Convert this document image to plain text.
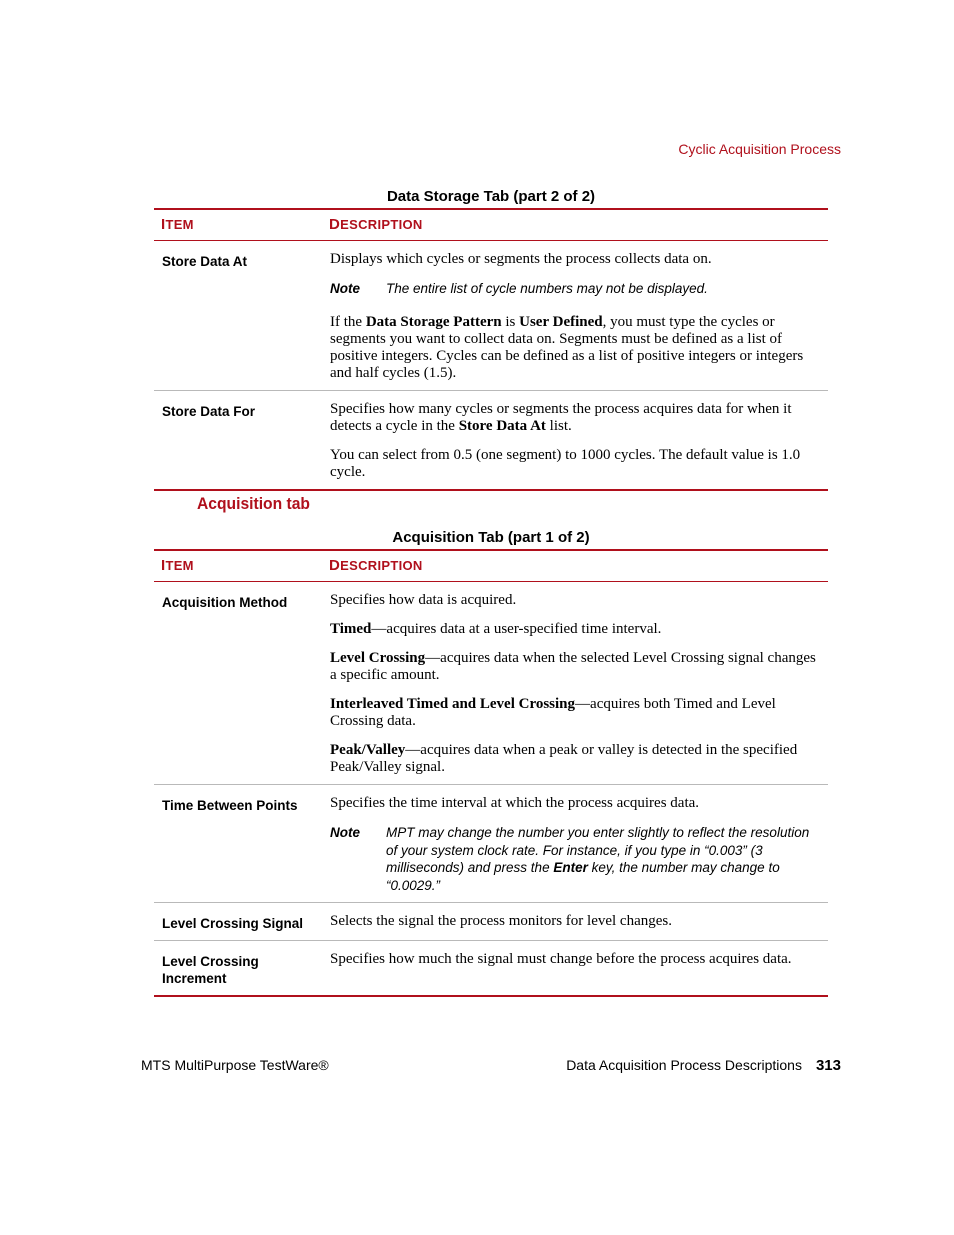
Cyclic Acquisition Process
Data Storage Tab (part 2 of 2)
ITEM	DESCRIPTION
Store Data At	Displays which cycles or segments the process collects data on.

Note The entire list of cycle numbers may not be displayed.

If the Data Storage Pattern is User Defined, you must type the cycles or segments you want to collect data on. Segments must be defined as a list of positive integers. Cycles can be defined as a list of positive integers or integers and half cycles (1.5).

Store Data For	Specifies how many cycles or segments the process acquires data for when it detects a cycle in the Store Data At list.

You can select from 0.5 (one segment) to 1000 cycles. The default value is 1.0 cycle.

Acquisition tab
Acquisition Tab (part 1 of 2)
ITEM	DESCRIPTION
Acquisition Method	Specifies how data is acquired.

Timed—acquires data at a user-specified time interval.

Level Crossing—acquires data when the selected Level Crossing signal changes a specific amount.

Interleaved Timed and Level Crossing—acquires both Timed and Level Crossing data.

Peak/Valley—acquires data when a peak or valley is detected in the specified Peak/Valley signal.

Time Between Points	Specifies the time interval at which the process acquires data.

Note MPT may change the number you enter slightly to reflect the resolution of your system clock rate. For instance, if you type in “0.003” (3 milliseconds) and press the Enter key, the number may change to “0.0029.”

Level Crossing Signal	Selects the signal the process monitors for level changes.

Level Crossing
Increment	Specifies how much the signal must change before the process acquires data.

MTS MultiPurpose TestWare®	Data Acquisition Process Descriptions 313
